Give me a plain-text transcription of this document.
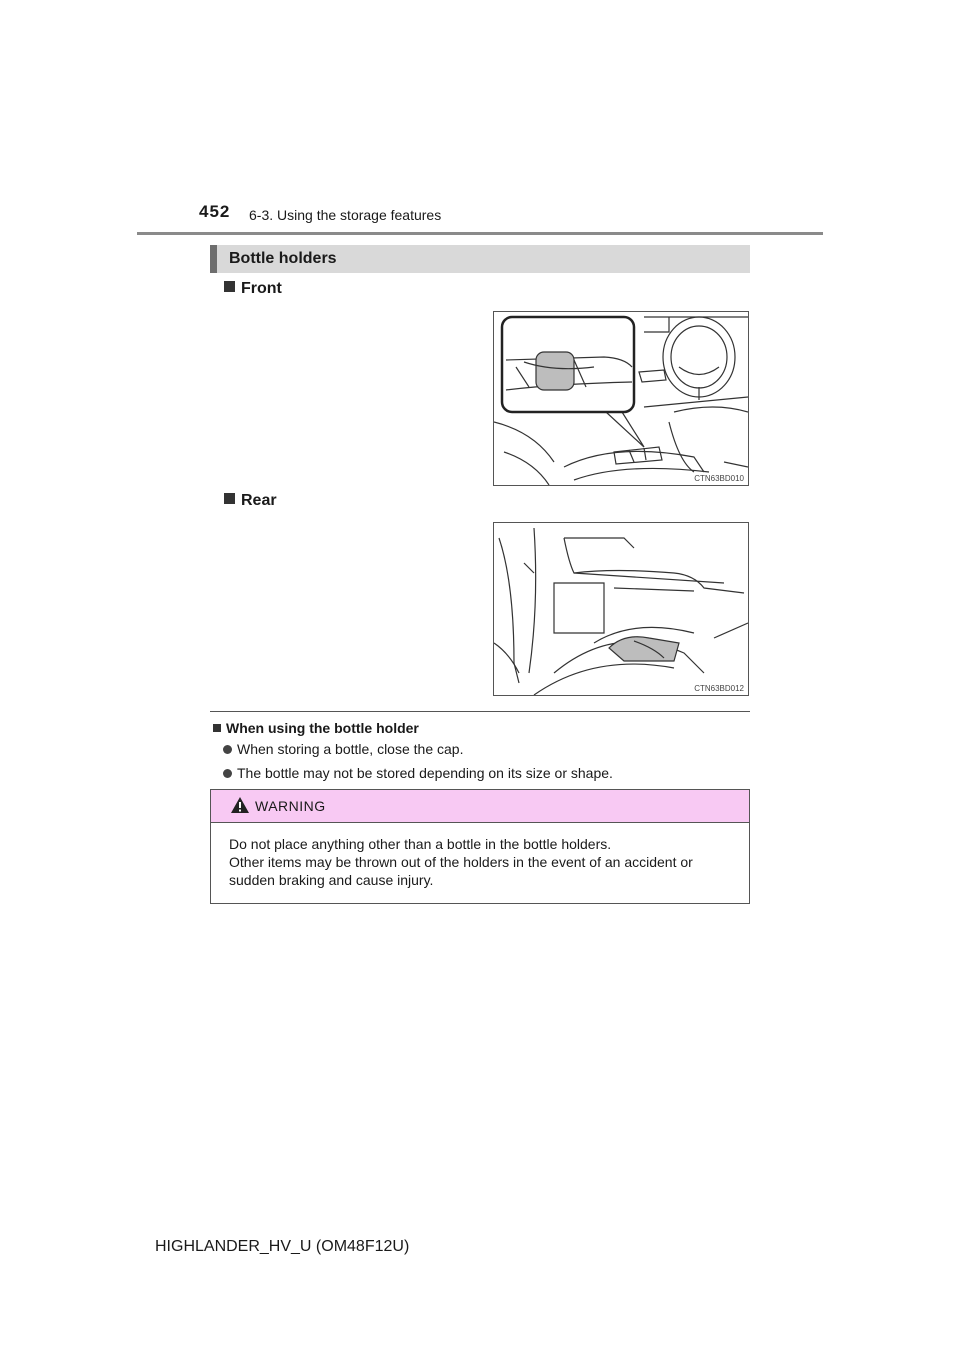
452 6-3. Using the storage features
Bottle holders
Front
CTN63BD010
Rear
CTN63BD012
When using the bottle holder
When storing a bottle, close the cap.
The bottle may not be stored depending on its size or shape.
WARNING
Do not place anything other than a bottle in the bottle holders.
Other items may be thrown out of the holders in the event of an accident or
sudden braking and cause injury.
HIGHLANDER_HV_U (OM48F12U)
